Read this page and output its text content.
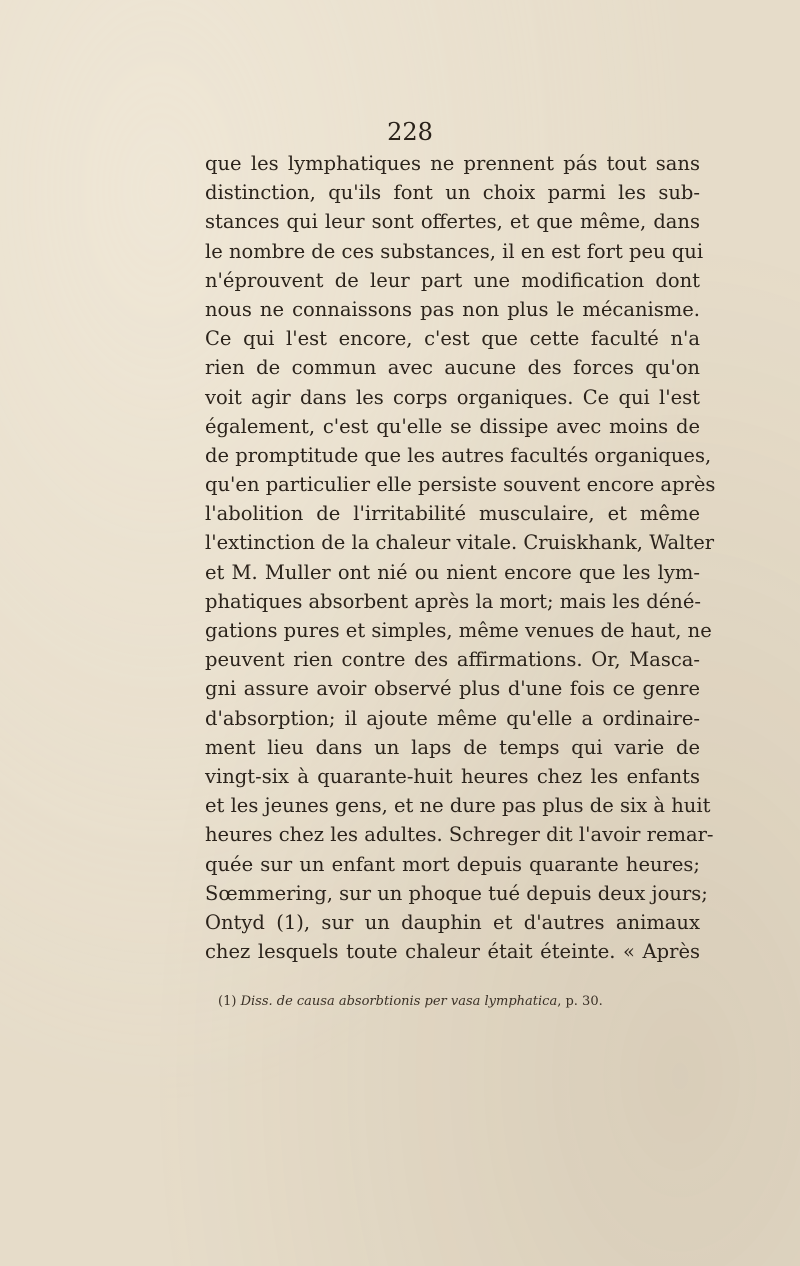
228
que les lymphatiques ne prennent pás tout sans
distinction, qu'ils font un choix parmi les sub-
stances qui leur sont offertes, et que même, dans
le nombre de ces substances, il en est fort peu qui
n'éprouvent de leur part une modification dont
nous ne connaissons pas non plus le mécanisme.
Ce qui l'est encore, c'est que cette faculté n'a
rien de commun avec aucune des forces qu'on
voit agir dans les corps organiques. Ce qui l'est
également, c'est qu'elle se dissipe avec moins de
de promptitude que les autres facultés organiques,
qu'en particulier elle persiste souvent encore après
l'abolition de l'irritabilité musculaire, et même
l'extinction de la chaleur vitale. Cruiskhank, Walter
et M. Muller ont nié ou nient encore que les lym-
phatiques absorbent après la mort; mais les déné-
gations pures et simples, même venues de haut, ne
peuvent rien contre des affirmations. Or, Masca-
gni assure avoir observé plus d'une fois ce genre
d'absorption; il ajoute même qu'elle a ordinaire-
ment lieu dans un laps de temps qui varie de
vingt-six à quarante-huit heures chez les enfants
et les jeunes gens, et ne dure pas plus de six à huit
heures chez les adultes. Schreger dit l'avoir remar-
quée sur un enfant mort depuis quarante heures;
Sœmmering, sur un phoque tué depuis deux jours;
Ontyd (1), sur un dauphin et d'autres animaux
chez lesquels toute chaleur était éteinte. « Après
(1) Diss. de causa absorbtionis per vasa lymphatica, p. 30.
